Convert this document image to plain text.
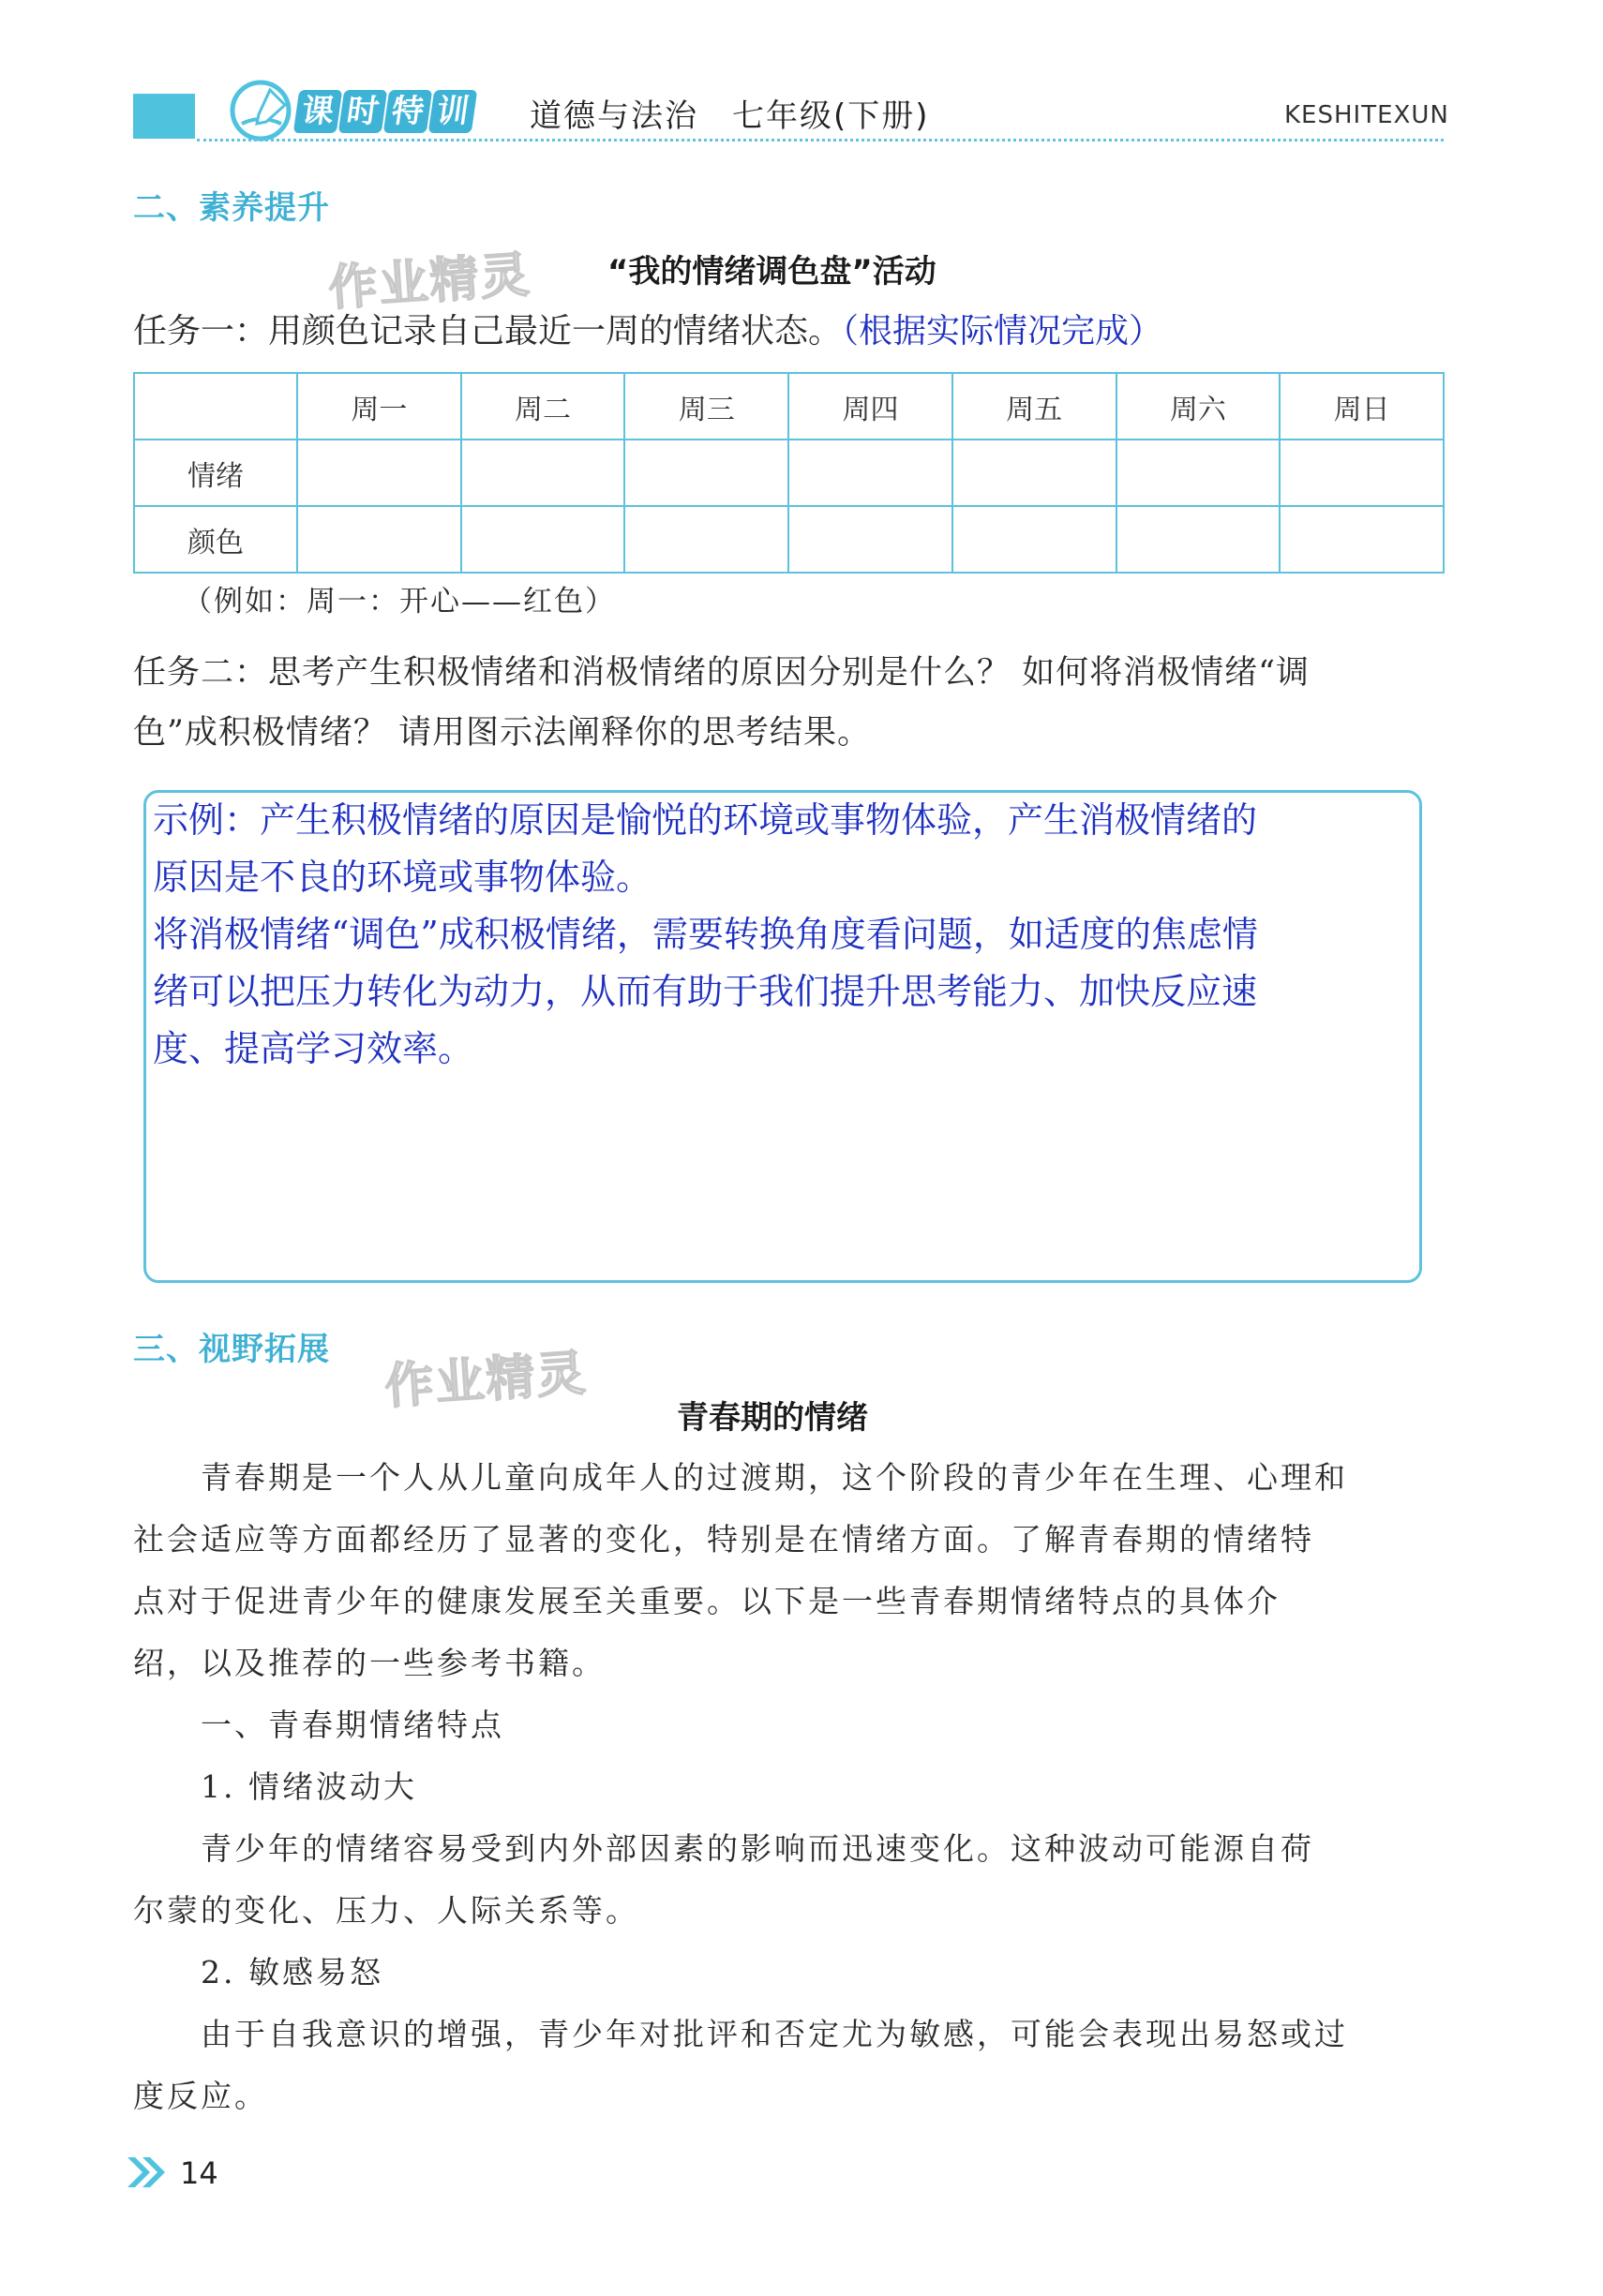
课 时 特 训 道德与法治　七年级(下册)	KESHITEXUN
二、素养提升
作业精灵 “我的情绪调色盘”活动
任务一：用颜色记录自己最近一周的情绪状态。（根据实际情况完成）
	周一	周二	周三	周四	周五	周六	周日
情绪							
颜色							
（例如：周一：开心——红色）
任务二：思考产生积极情绪和消极情绪的原因分别是什么？ 如何将消极情绪“调
色”成积极情绪？ 请用图示法阐释你的思考结果。
示例：产生积极情绪的原因是愉悦的环境或事物体验，产生消极情绪的
原因是不良的环境或事物体验。
将消极情绪“调色”成积极情绪，需要转换角度看问题，如适度的焦虑情
绪可以把压力转化为动力，从而有助于我们提升思考能力、加快反应速
度、提高学习效率。
三、视野拓展 作业精灵
青春期的情绪
　　青春期是一个人从儿童向成年人的过渡期，这个阶段的青少年在生理、心理和
社会适应等方面都经历了显著的变化，特别是在情绪方面。了解青春期的情绪特
点对于促进青少年的健康发展至关重要。以下是一些青春期情绪特点的具体介
绍，以及推荐的一些参考书籍。
　　一、青春期情绪特点
　　1. 情绪波动大
　　青少年的情绪容易受到内外部因素的影响而迅速变化。这种波动可能源自荷
尔蒙的变化、压力、人际关系等。
　　2. 敏感易怒
　　由于自我意识的增强，青少年对批评和否定尤为敏感，可能会表现出易怒或过
度反应。
14
